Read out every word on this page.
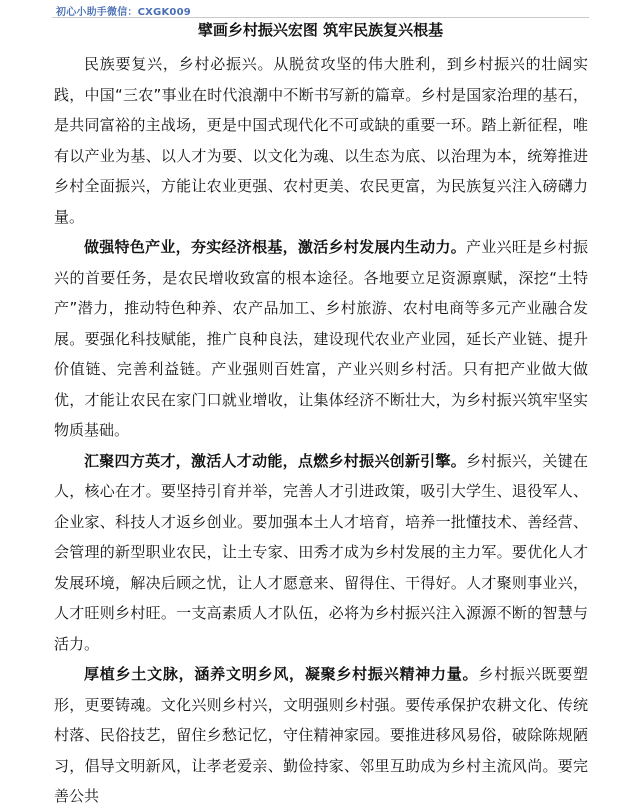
初心小助手微信：CXGK009
擘画乡村振兴宏图 筑牢民族复兴根基

民族要复兴，乡村必振兴。从脱贫攻坚的伟大胜利，到乡村振兴的壮阔实践，中国“三农”事业在时代浪潮中不断书写新的篇章。乡村是国家治理的基石，是共同富裕的主战场，更是中国式现代化不可或缺的重要一环。踏上新征程，唯有以产业为基、以人才为要、以文化为魂、以生态为底、以治理为本，统筹推进乡村全面振兴，方能让农业更强、农村更美、农民更富，为民族复兴注入磅礴力量。

做强特色产业，夯实经济根基，激活乡村发展内生动力。产业兴旺是乡村振兴的首要任务，是农民增收致富的根本途径。各地要立足资源禀赋，深挖“土特产”潜力，推动特色种养、农产品加工、乡村旅游、农村电商等多元产业融合发展。要强化科技赋能，推广良种良法，建设现代农业产业园，延长产业链、提升价值链、完善利益链。产业强则百姓富，产业兴则乡村活。只有把产业做大做优，才能让农民在家门口就业增收，让集体经济不断壮大，为乡村振兴筑牢坚实物质基础。

汇聚四方英才，激活人才动能，点燃乡村振兴创新引擎。乡村振兴，关键在人，核心在才。要坚持引育并举，完善人才引进政策，吸引大学生、退役军人、企业家、科技人才返乡创业。要加强本土人才培育，培养一批懂技术、善经营、会管理的新型职业农民，让土专家、田秀才成为乡村发展的主力军。要优化人才发展环境，解决后顾之忧，让人才愿意来、留得住、干得好。人才聚则事业兴，人才旺则乡村旺。一支高素质人才队伍，必将为乡村振兴注入源源不断的智慧与活力。

厚植乡土文脉，涵养文明乡风，凝聚乡村振兴精神力量。乡村振兴既要塑形，更要铸魂。文化兴则乡村兴，文明强则乡村强。要传承保护农耕文化、传统村落、民俗技艺，留住乡愁记忆，守住精神家园。要推进移风易俗，破除陈规陋习，倡导文明新风，让孝老爱亲、勤俭持家、邻里互助成为乡村主流风尚。要完善公共
